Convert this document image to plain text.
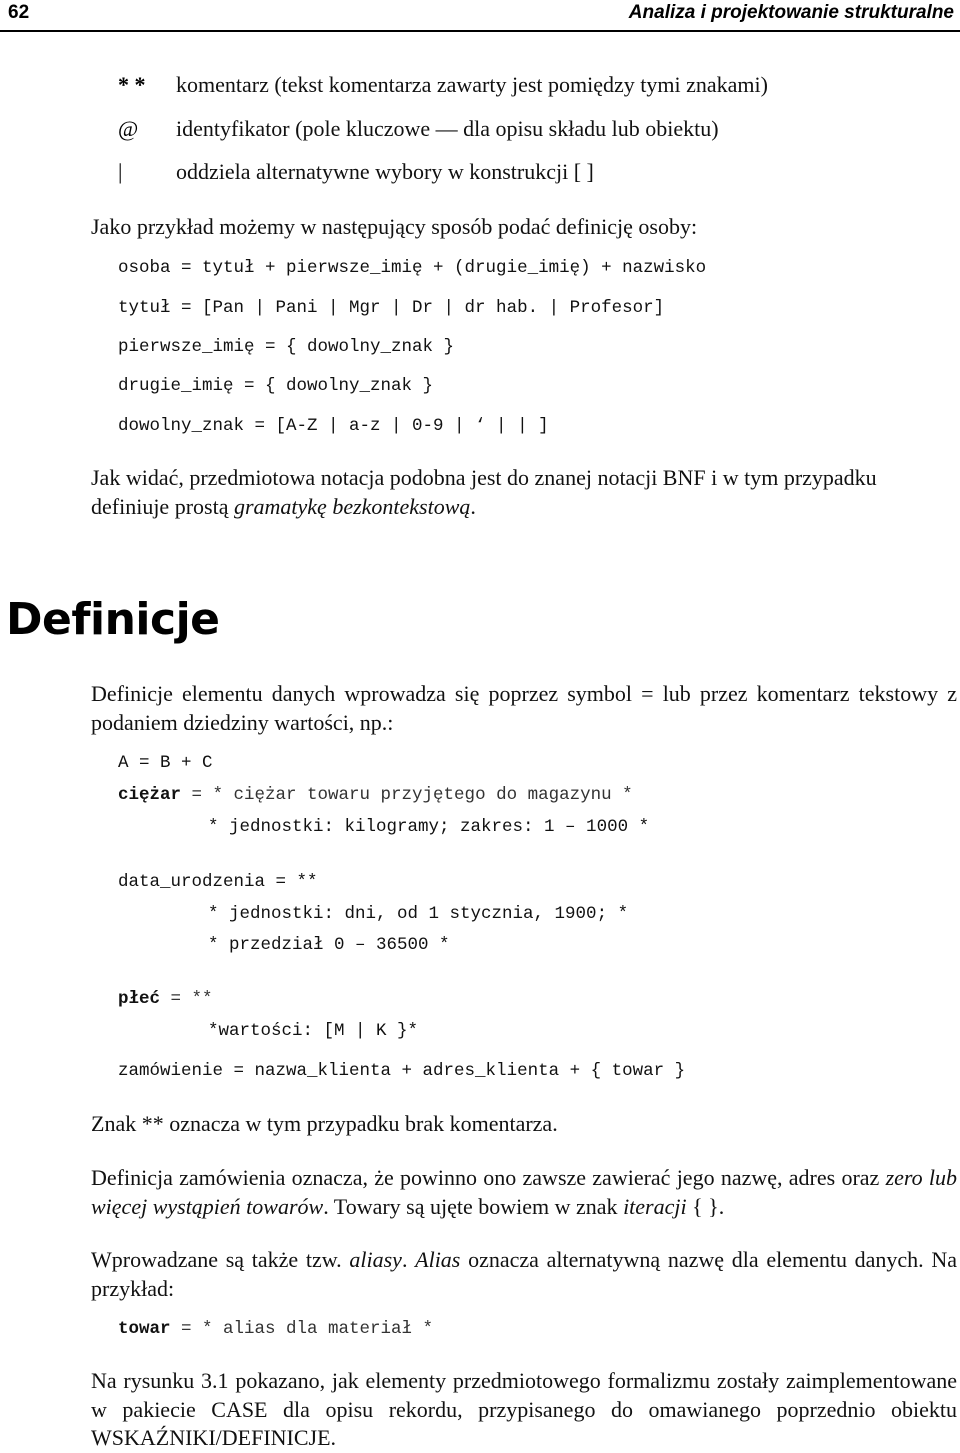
62	Analiza i projektowanie strukturalne
* * komentarz (tekst komentarza zawarty jest pomiędzy tymi znakami)
@ identyfikator (pole kluczowe — dla opisu składu lub obiektu)
| oddziela alternatywne wybory w konstrukcji [ ]
Jako przykład możemy w następujący sposób podać definicję osoby:
osoba = tytuł + pierwsze_imię + (drugie_imię) + nazwisko
tytuł = [Pan | Pani | Mgr | Dr | dr hab. | Profesor]
pierwsze_imię = { dowolny_znak }
drugie_imię = { dowolny_znak }
dowolny_znak = [A-Z | a-z | 0-9 | ‘ | | ]
Jak widać, przedmiotowa notacja podobna jest do znanej notacji BNF i w tym przypadku definiuje prostą gramatykę bezkontekstową.
Definicje
Definicje elementu danych wprowadza się poprzez symbol = lub przez komentarz tekstowy z podaniem dziedziny wartości, np.:
A = B + C
ciężar = * ciężar towaru przyjętego do magazynu *
* jednostki: kilogramy; zakres: 1 – 1000 *
data_urodzenia = **
* jednostki: dni, od 1 stycznia, 1900; *
* przedział 0 – 36500 *
płeć = **
*wartości: [M | K }*
zamówienie = nazwa_klienta + adres_klienta + { towar }
Znak ** oznacza w tym przypadku brak komentarza.
Definicja zamówienia oznacza, że powinno ono zawsze zawierać jego nazwę, adres oraz zero lub więcej wystąpień towarów. Towary są ujęte bowiem w znak iteracji { }.
Wprowadzane są także tzw. aliasy. Alias oznacza alternatywną nazwę dla elementu danych. Na przykład:
towar = * alias dla materiał *
Na rysunku 3.1 pokazano, jak elementy przedmiotowego formalizmu zostały zaimplementowane w pakiecie CASE dla opisu rekordu, przypisanego do omawianego poprzednio obiektu WSKAŹNIKI/DEFINICJE.
